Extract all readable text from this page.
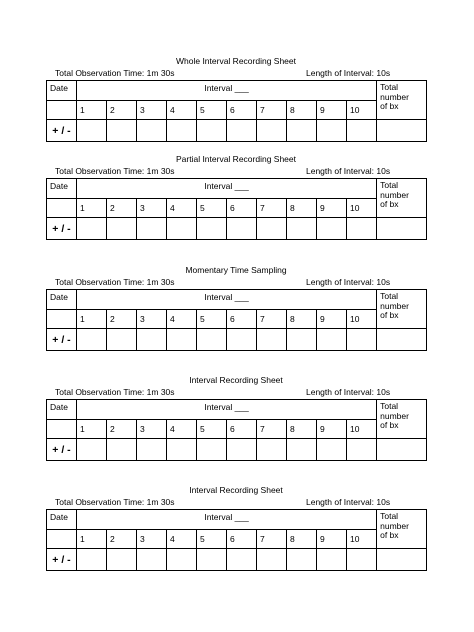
Whole Interval Recording Sheet
Total Observation Time: 1m 30s	Length of Interval: 10s
Date	Interval ___										Total
number
of bx

	1	2	3	4	5	6	7	8	9	10	
+ / -											
Partial Interval Recording Sheet
Total Observation Time: 1m 30s	Length of Interval: 10s
Date	Interval ___										Total
number
of bx

	1	2	3	4	5	6	7	8	9	10	
+ / -											
Momentary Time Sampling
Total Observation Time: 1m 30s	Length of Interval: 10s
Date	Interval ___										Total
number
of bx

	1	2	3	4	5	6	7	8	9	10	
+ / -											
Interval Recording Sheet
Total Observation Time: 1m 30s	Length of Interval: 10s
Date	Interval ___										Total
number
of bx

	1	2	3	4	5	6	7	8	9	10	
+ / -											
Interval Recording Sheet
Total Observation Time: 1m 30s	Length of Interval: 10s
Date	Interval ___										Total
number
of bx

	1	2	3	4	5	6	7	8	9	10	
+ / -											
